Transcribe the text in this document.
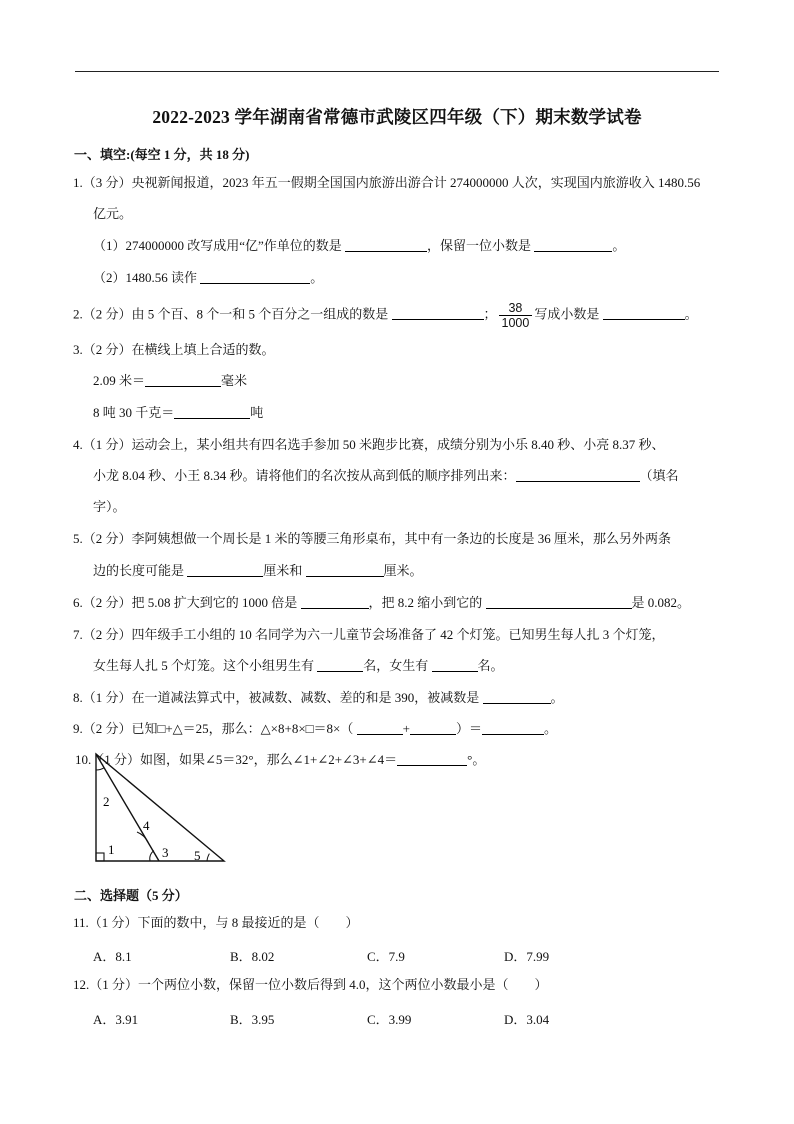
2022-2023 学年湖南省常德市武陵区四年级（下）期末数学试卷
一、填空:(每空 1 分，共 18 分)
1.（3 分）央视新闻报道，2023 年五一假期全国国内旅游出游合计 274000000 人次，实现国内旅游收入 1480.56
亿元。
（1）274000000 改写成用“亿”作单位的数是	，保留一位小数是	。
（2）1480.56 读作	。
2.（2 分）由 5 个百、8 个一和 5 个百分之一组成的数是	； $\frac{38}{1000}$ 写成小数是	。
3.（2 分）在横线上填上合适的数。
2.09 米＝	毫米
8 吨 30 千克＝	吨
4.（1 分）运动会上，某小组共有四名选手参加 50 米跑步比赛，成绩分别为小乐 8.40 秒、小亮 8.37 秒、
小龙 8.04 秒、小王 8.34 秒。请将他们的名次按从高到低的顺序排列出来：	（填名
字）。
5.（2 分）李阿姨想做一个周长是 1 米的等腰三角形桌布，其中有一条边的长度是 36 厘米，那么另外两条
边的长度可能是	厘米和	厘米。
6.（2 分）把 5.08 扩大到它的 1000 倍是	，把 8.2 缩小到它的	是 0.082。
7.（2 分）四年级手工小组的 10 名同学为六一儿童节会场准备了 42 个灯笼。已知男生每人扎 3 个灯笼，
女生每人扎 5 个灯笼。这个小组男生有	名，女生有	名。
8.（1 分）在一道减法算式中，被减数、减数、差的和是 390，被减数是	。
9.（2 分）已知□+△＝25，那么：△×8+8×□＝8×（	+	）＝	。
10.（1 分）如图，如果∠5＝32°，那么∠1+∠2+∠3+∠4＝	°。
2
4
1	3 5
二、选择题（5 分）
11.（1 分）下面的数中，与 8 最接近的是（　　）
A．8.1	B．8.02	C．7.9	D．7.99
12.（1 分）一个两位小数，保留一位小数后得到 4.0，这个两位小数最小是（　　）
A．3.91	B．3.95	C．3.99	D．3.04
